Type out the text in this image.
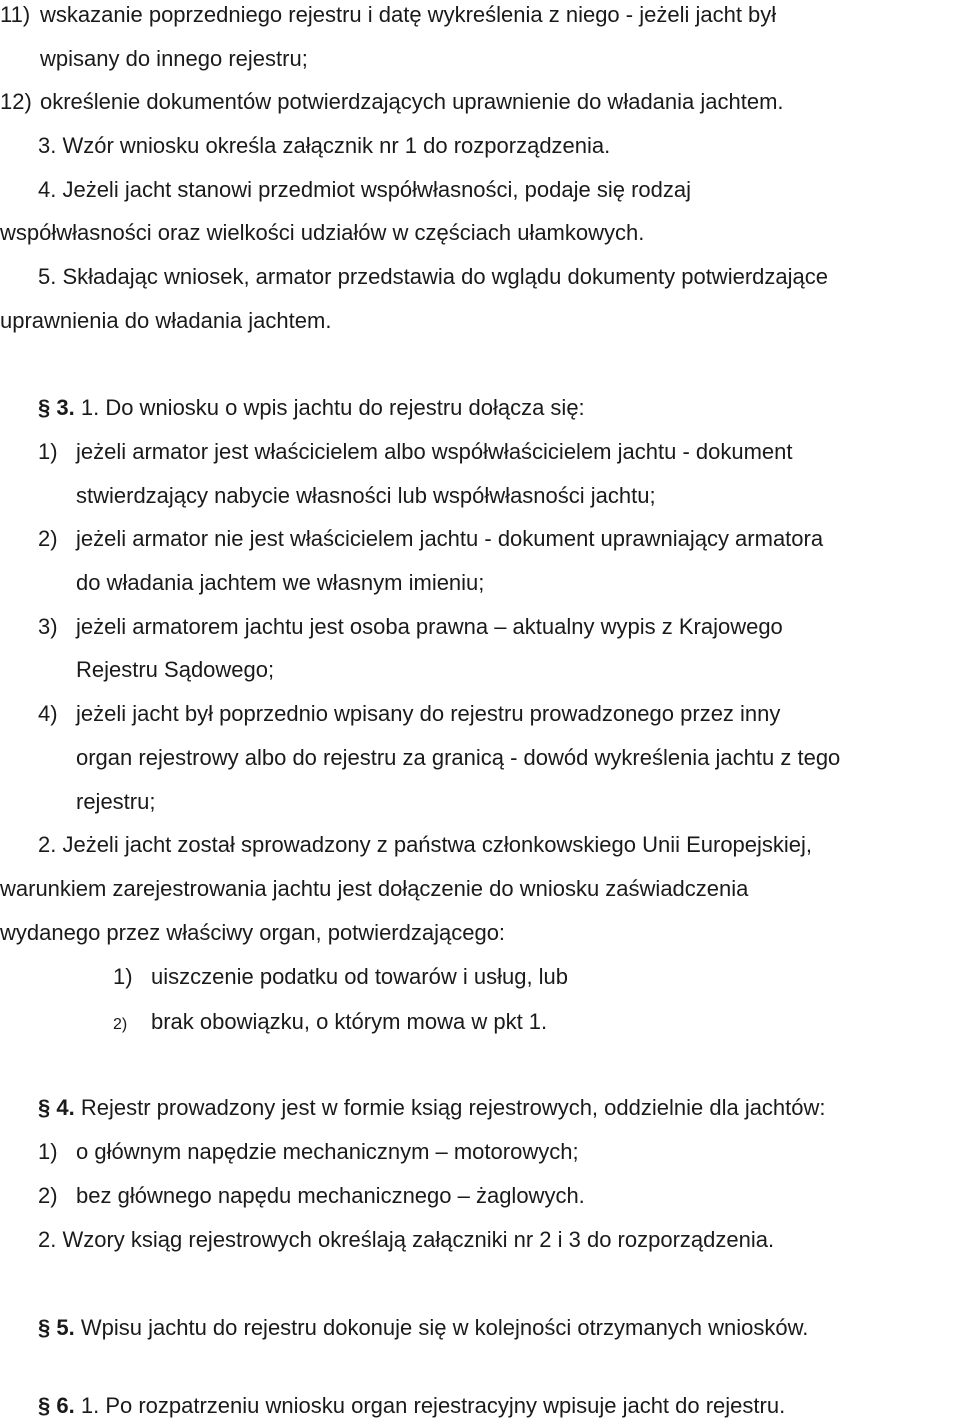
11) wskazanie poprzedniego rejestru i datę wykreślenia z niego - jeżeli jacht był
wpisany do innego rejestru;
12) określenie dokumentów potwierdzających uprawnienie do władania jachtem.
3. Wzór wniosku określa załącznik nr 1 do rozporządzenia.
4. Jeżeli jacht stanowi przedmiot współwłasności, podaje się rodzaj
współwłasności oraz wielkości udziałów w częściach ułamkowych.
5. Składając wniosek, armator przedstawia do wglądu dokumenty potwierdzające
uprawnienia do władania jachtem.
§ 3. 1. Do wniosku o wpis jachtu do rejestru dołącza się:
1) jeżeli armator jest właścicielem albo współwłaścicielem jachtu - dokument
stwierdzający nabycie własności lub współwłasności jachtu;
2) jeżeli armator nie jest właścicielem jachtu - dokument uprawniający armatora
do władania jachtem we własnym imieniu;
3) jeżeli armatorem jachtu jest osoba prawna – aktualny wypis z Krajowego
Rejestru Sądowego;
4) jeżeli jacht był poprzednio wpisany do rejestru prowadzonego przez inny
organ rejestrowy albo do rejestru za granicą - dowód wykreślenia jachtu z tego
rejestru;
2. Jeżeli jacht został sprowadzony z państwa członkowskiego Unii Europejskiej,
warunkiem zarejestrowania jachtu jest dołączenie do wniosku zaświadczenia
wydanego przez właściwy organ, potwierdzającego:
1) uiszczenie podatku od towarów i usług, lub
2) brak obowiązku, o którym mowa w pkt 1.
§ 4. Rejestr prowadzony jest w formie ksiąg rejestrowych, oddzielnie dla jachtów:
1) o głównym napędzie mechanicznym – motorowych;
2) bez głównego napędu mechanicznego – żaglowych.
2. Wzory ksiąg rejestrowych określają załączniki nr 2 i 3 do rozporządzenia.
§ 5. Wpisu jachtu do rejestru dokonuje się w kolejności otrzymanych wniosków.
§ 6. 1. Po rozpatrzeniu wniosku organ rejestracyjny wpisuje jacht do rejestru.
